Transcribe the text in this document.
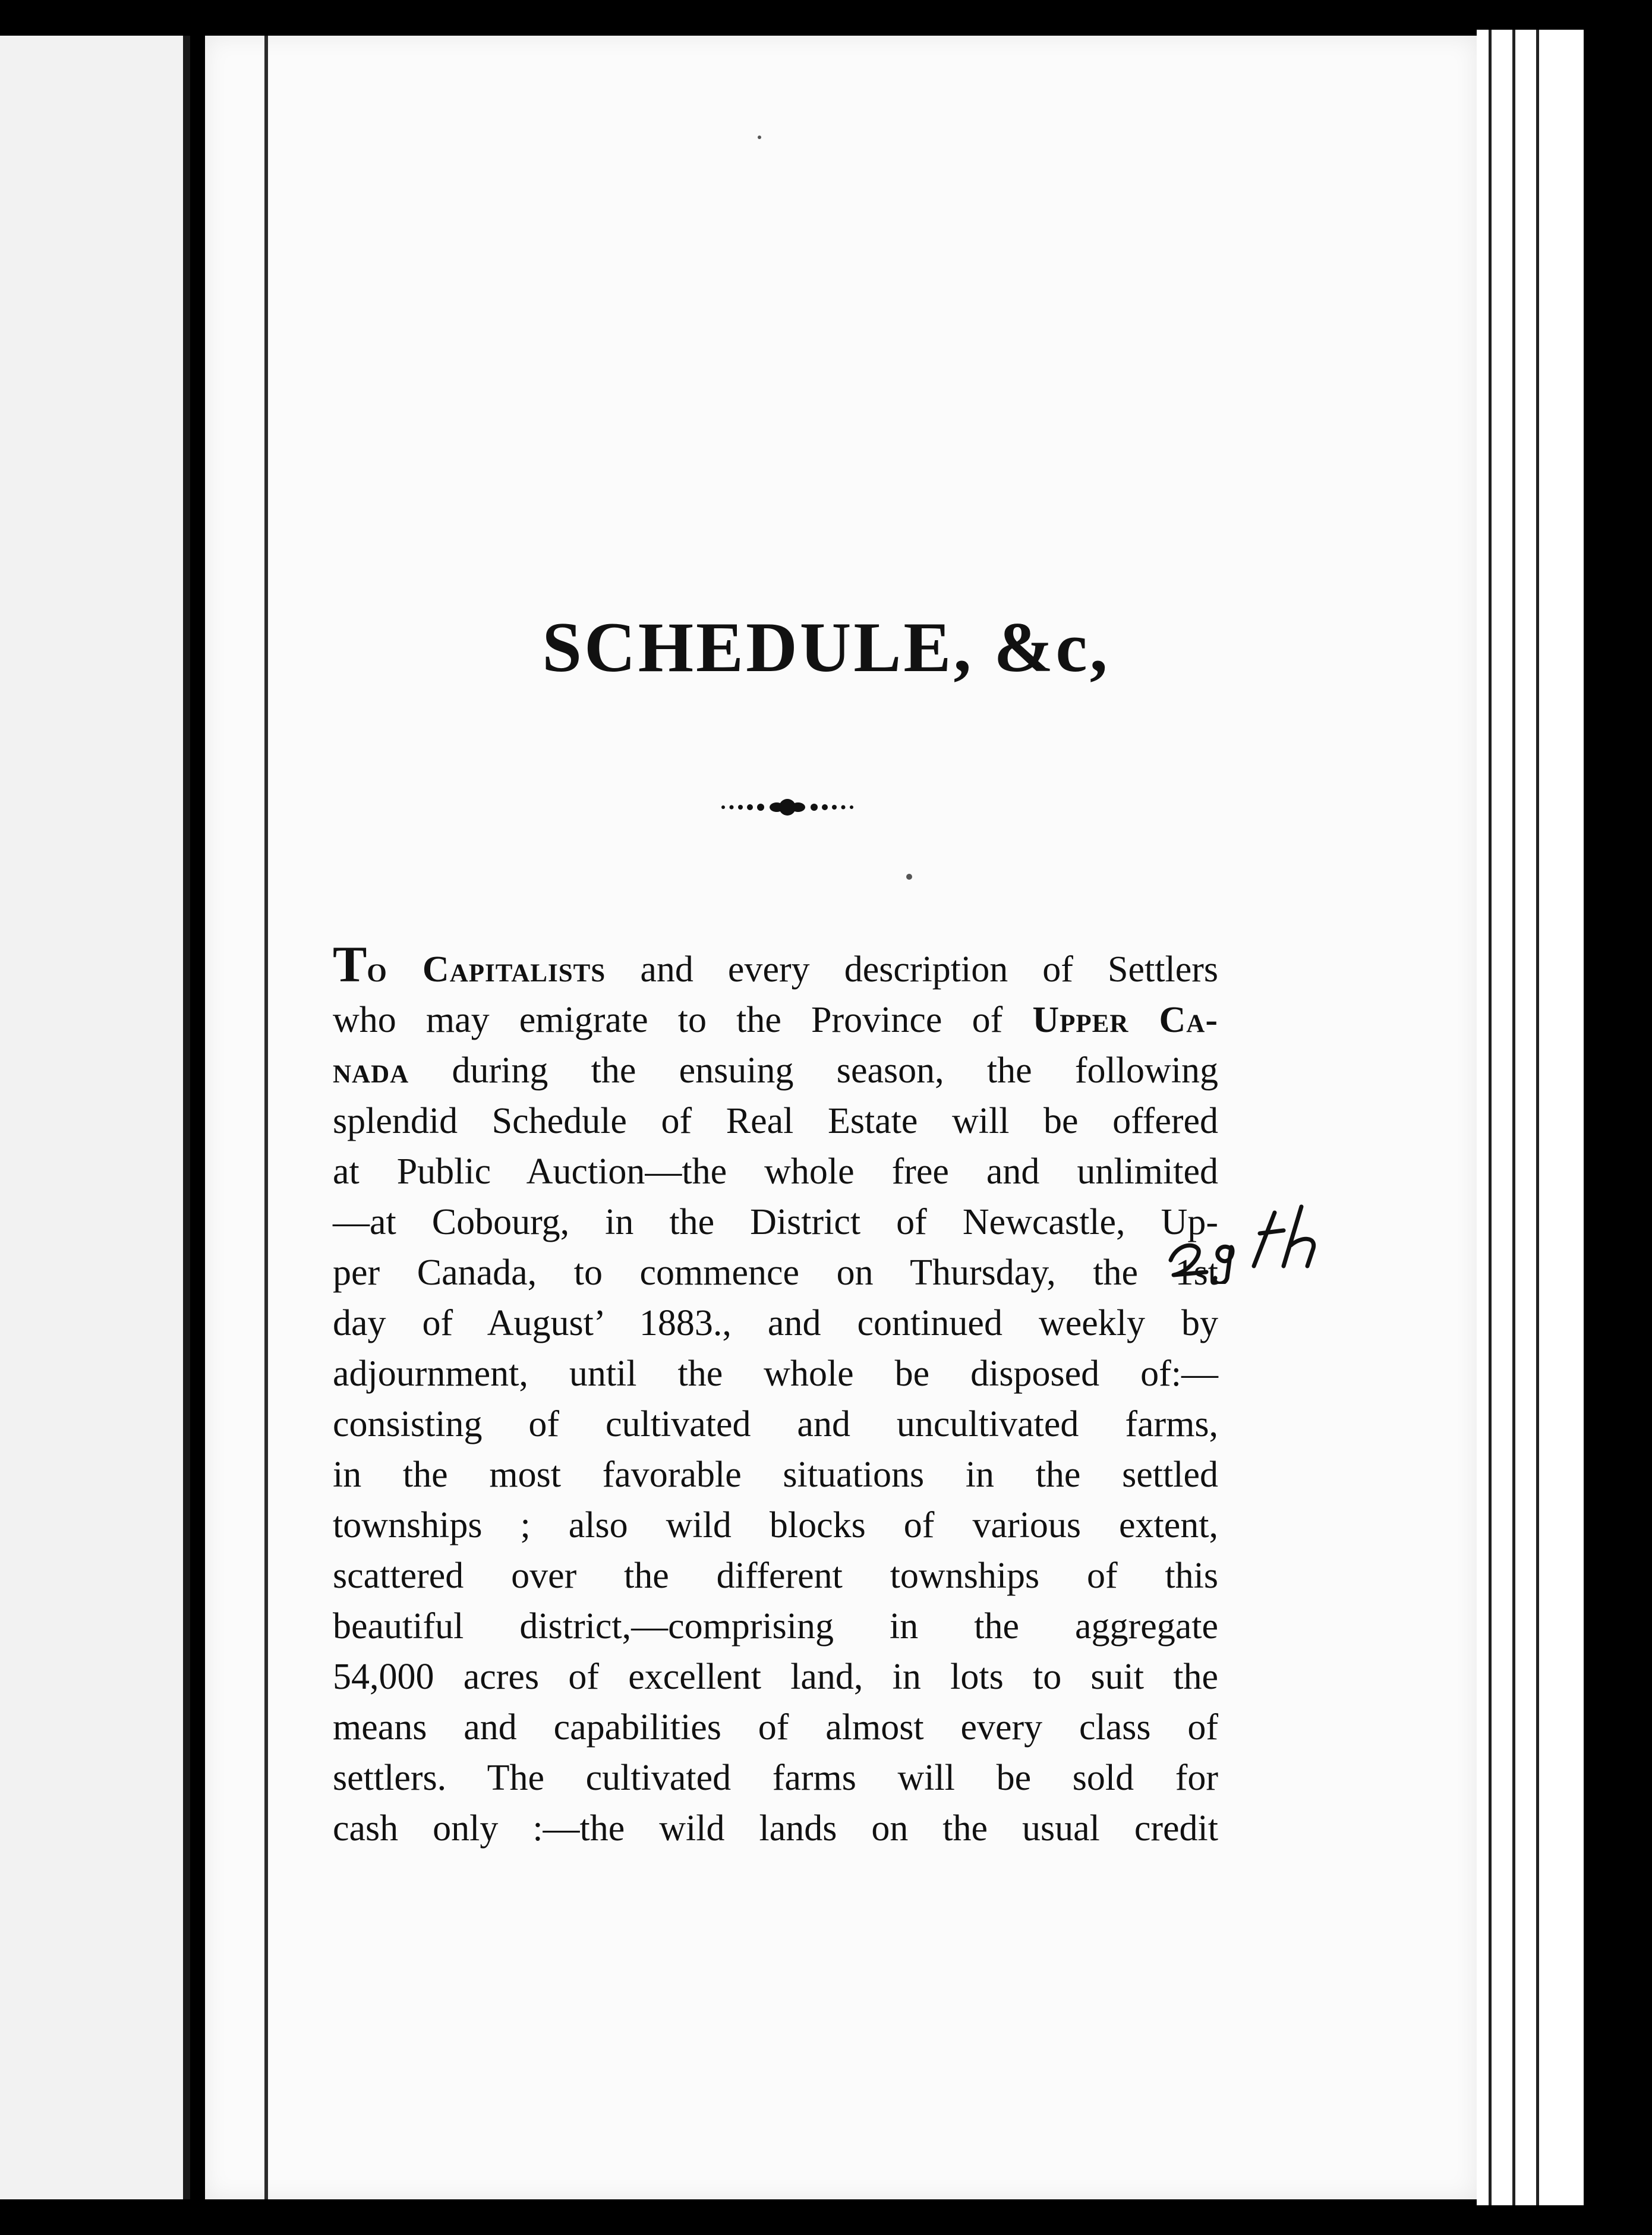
SCHEDULE, &c,
To Capitalists and every description of Settlers
who may emigrate to the Province of Upper Ca-
nada during the ensuing season, the following
splendid Schedule of Real Estate will be offered
at Public Auction—the whole free and unlimited
—at Cobourg, in the District of Newcastle, Up-
per Canada, to commence on Thursday, the 1st
day of August’ 1883., and continued weekly by
adjournment, until the whole be disposed of:—
consisting of cultivated and uncultivated farms,
in the most favorable situations in the settled
townships ; also wild blocks of various extent,
scattered over the different townships of this
beautiful district,—comprising in the aggregate
54,000 acres of excellent land, in lots to suit the
means and capabilities of almost every class of
settlers. The cultivated farms will be sold for
cash only :—the wild lands on the usual credit
